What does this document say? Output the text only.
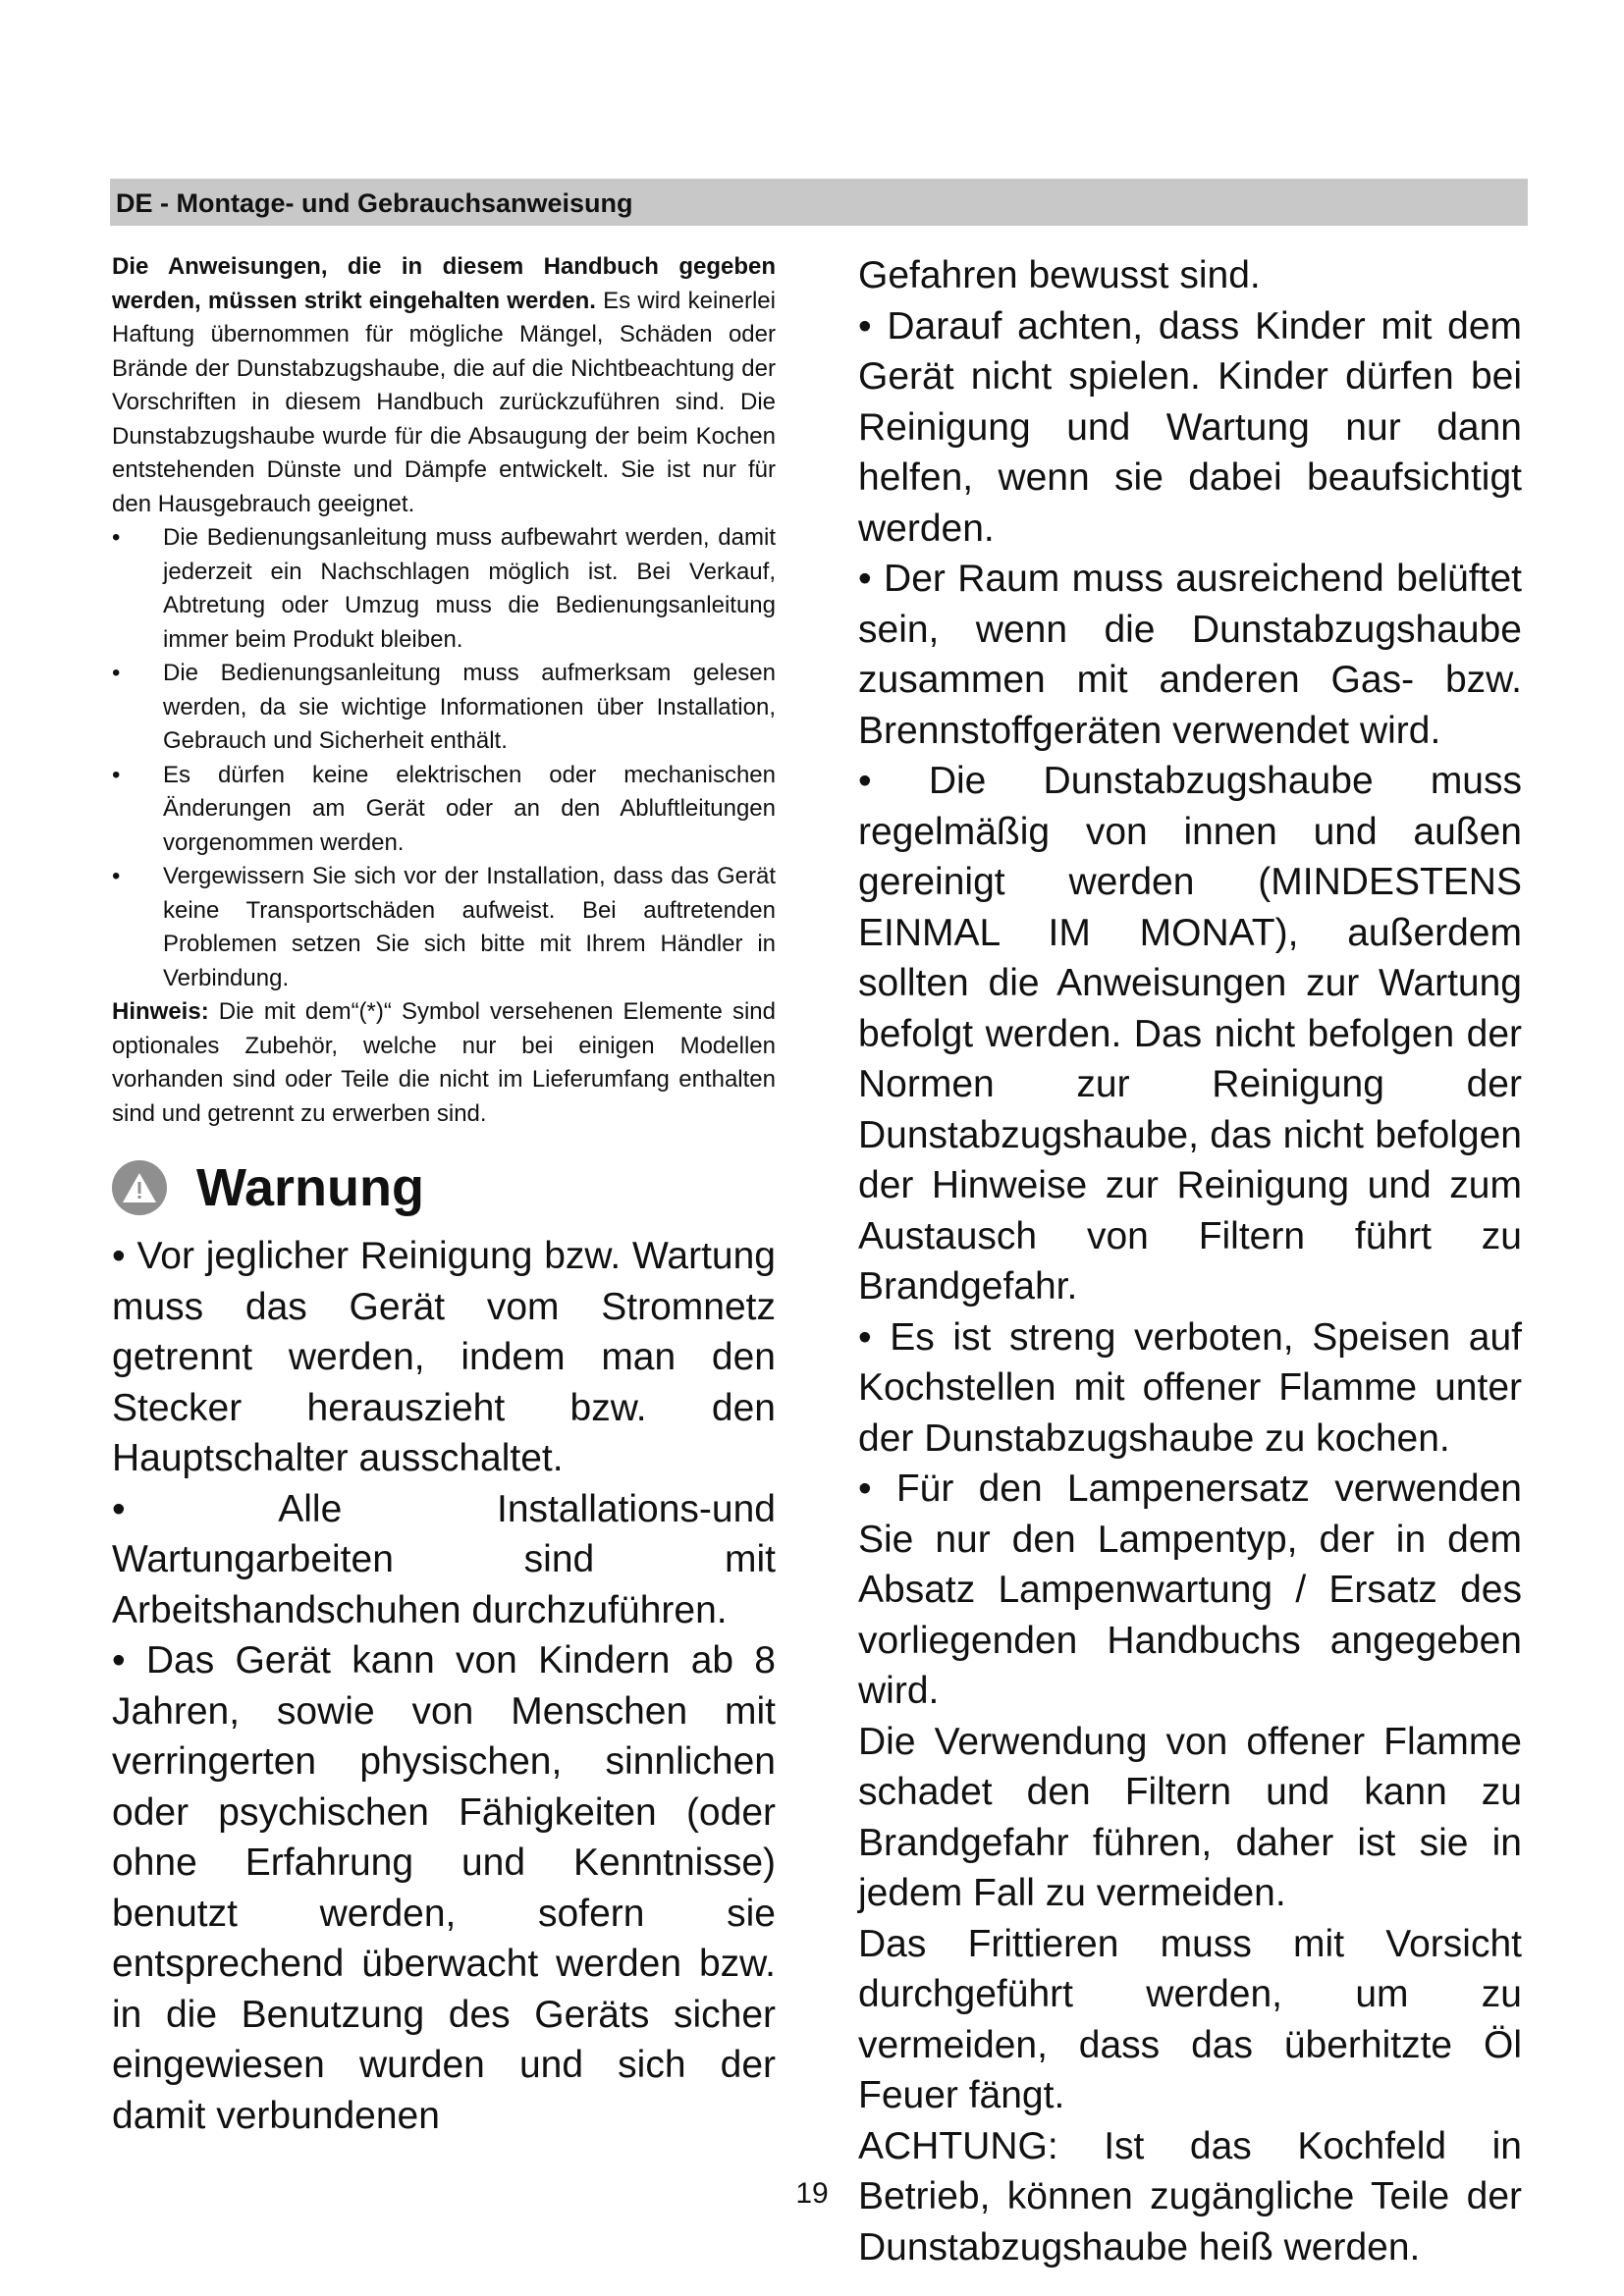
DE - Montage- und Gebrauchsanweisung

Die Anweisungen, die in diesem Handbuch gegeben werden, müssen strikt eingehalten werden. Es wird keinerlei Haftung übernommen für mögliche Mängel, Schäden oder Brände der Dunstabzugshaube, die auf die Nichtbeachtung der Vorschriften in diesem Handbuch zurückzuführen sind. Die Dunstabzugshaube wurde für die Absaugung der beim Kochen entstehenden Dünste und Dämpfe entwickelt. Sie ist nur für den Hausgebrauch geeignet.

• Die Bedienungsanleitung muss aufbewahrt werden, damit jederzeit ein Nachschlagen möglich ist. Bei Verkauf, Abtretung oder Umzug muss die Bedienungsanleitung immer beim Produkt bleiben.
• Die Bedienungsanleitung muss aufmerksam gelesen werden, da sie wichtige Informationen über Installation, Gebrauch und Sicherheit enthält.
• Es dürfen keine elektrischen oder mechanischen Änderungen am Gerät oder an den Abluftleitungen vorgenommen werden.
• Vergewissern Sie sich vor der Installation, dass das Gerät keine Transportschäden aufweist. Bei auftretenden Problemen setzen Sie sich bitte mit Ihrem Händler in Verbindung.

Hinweis: Die mit dem“(*)“ Symbol versehenen Elemente sind optionales Zubehör, welche nur bei einigen Modellen vorhanden sind oder Teile die nicht im Lieferumfang enthalten sind und getrennt zu erwerben sind.

Warnung

• Vor jeglicher Reinigung bzw. Wartung muss das Gerät vom Stromnetz getrennt werden, indem man den Stecker herauszieht bzw. den Hauptschalter ausschaltet.

• Alle Installations-und Wartungarbeiten sind mit Arbeitshandschuhen durchzuführen.

• Das Gerät kann von Kindern ab 8 Jahren, sowie von Menschen mit verringerten physischen, sinnlichen oder psychischen Fähigkeiten (oder ohne Erfahrung und Kenntnisse) benutzt werden, sofern sie entsprechend überwacht werden bzw. in die Benutzung des Geräts sicher eingewiesen wurden und sich der damit verbundenen

Gefahren bewusst sind.

• Darauf achten, dass Kinder mit dem Gerät nicht spielen. Kinder dürfen bei Reinigung und Wartung nur dann helfen, wenn sie dabei beaufsichtigt werden.

• Der Raum muss ausreichend belüftet sein, wenn die Dunstabzugshaube zusammen mit anderen Gas- bzw. Brennstoffgeräten verwendet wird.

• Die Dunstabzugshaube muss regelmäßig von innen und außen gereinigt werden (MINDESTENS EINMAL IM MONAT), außerdem sollten die Anweisungen zur Wartung befolgt werden. Das nicht befolgen der Normen zur Reinigung der Dunstabzugshaube, das nicht befolgen der Hinweise zur Reinigung und zum Austausch von Filtern führt zu Brandgefahr.

• Es ist streng verboten, Speisen auf Kochstellen mit offener Flamme unter der Dunstabzugshaube zu kochen.

• Für den Lampenersatz verwenden Sie nur den Lampentyp, der in dem Absatz Lampenwartung / Ersatz des vorliegenden Handbuchs angegeben wird.

Die Verwendung von offener Flamme schadet den Filtern und kann zu Brandgefahr führen, daher ist sie in jedem Fall zu vermeiden.

Das Frittieren muss mit Vorsicht durchgeführt werden, um zu vermeiden, dass das überhitzte Öl Feuer fängt.

ACHTUNG: Ist das Kochfeld in Betrieb, können zugängliche Teile der Dunstabzugshaube heiß werden.

19
